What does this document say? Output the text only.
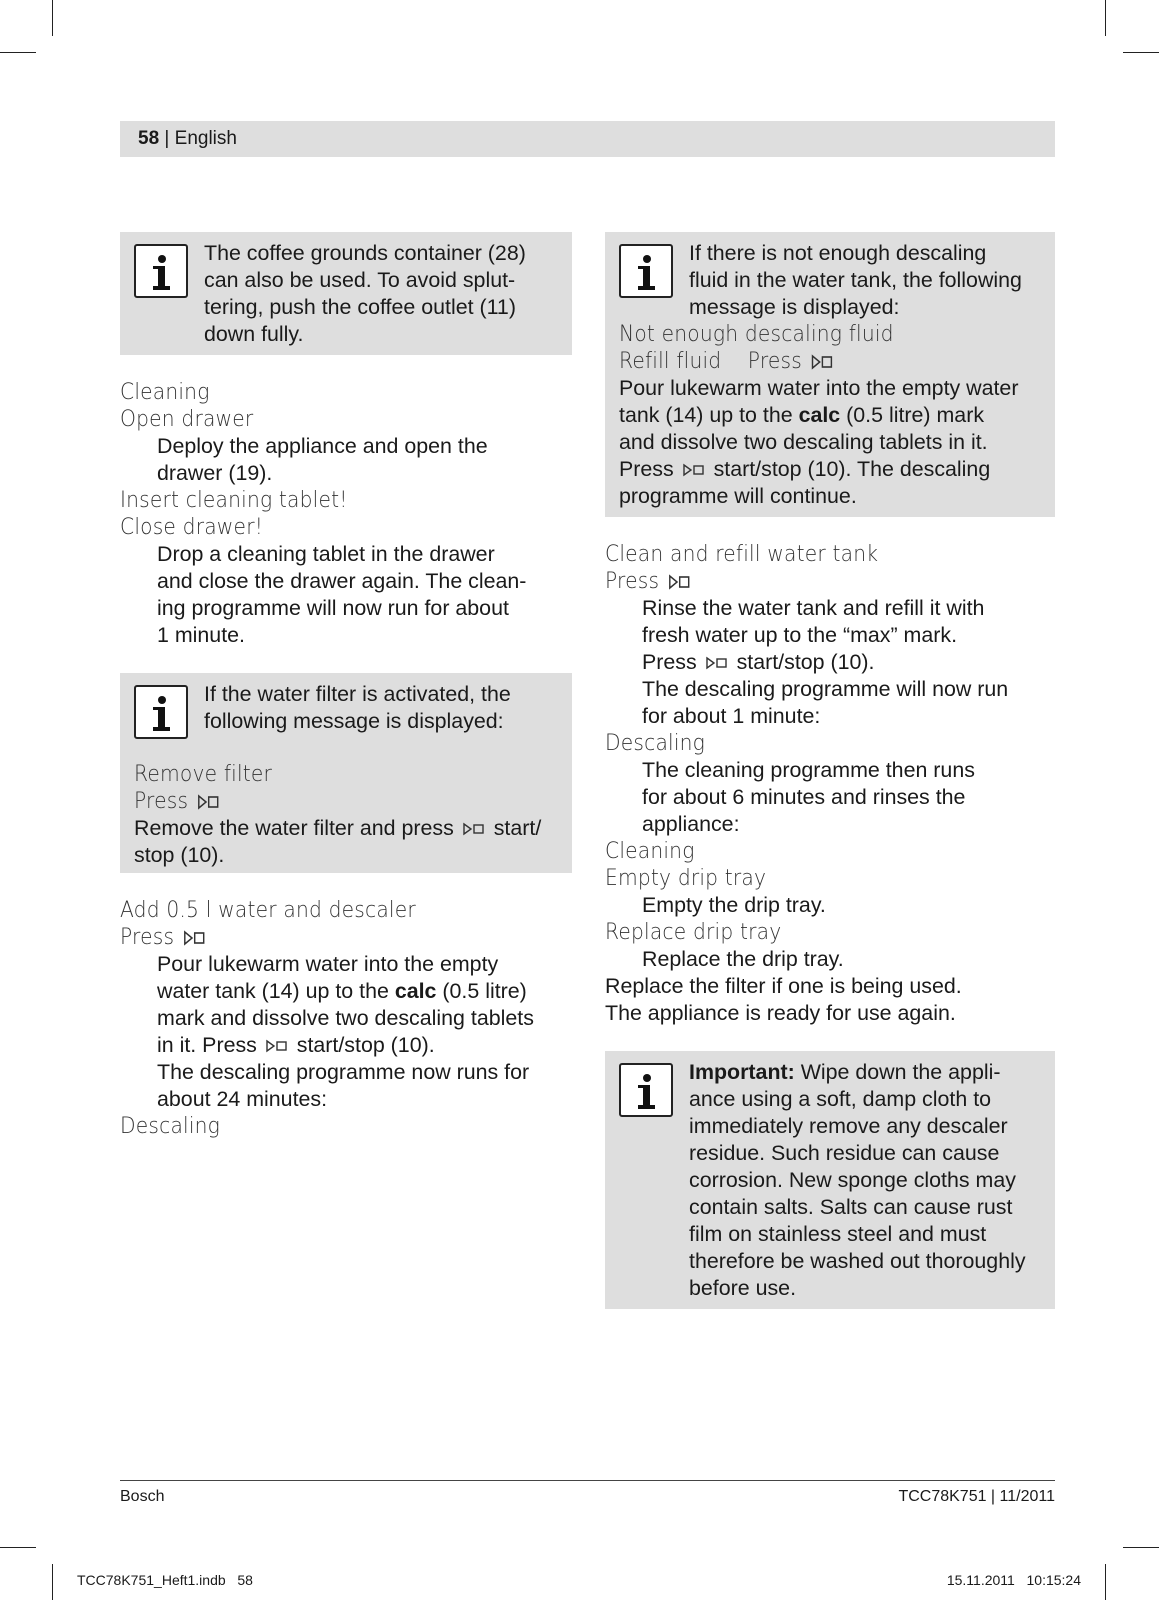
58 | English
The coffee grounds container (28)
can also be used. To avoid splut-
tering, push the coffee outlet (11)
down fully.
Cleaning
Open drawer
Deploy the appliance and open the
drawer (19).
Insert cleaning tablet!
Close drawer!
Drop a cleaning tablet in the drawer
and close the drawer again. The clean-
ing programme will now run for about
1 minute.
If the water filter is activated, the
following message is displayed:
Remove filter
Press
Remove the water filter and press
start/
stop (10).
Add 0.5 l water and descaler
Press
Pour lukewarm water into the empty
water tank (14) up to the calc (0.5 litre)
mark and dissolve two descaling tablets
in it. Press
start/stop (10).
The descaling programme now runs for
about 24 minutes:
Descaling
If there is not enough descaling
fluid in the water tank, the following
message is displayed:
Not enough descaling fluid
Refill fluid Press
Pour lukewarm water into the empty water
tank (14) up to the calc (0.5 litre) mark
and dissolve two descaling tablets in it.
Press
start/stop (10). The descaling
programme will continue.
Clean and refill water tank
Press
Rinse the water tank and refill it with
fresh water up to the “max” mark.
Press
start/stop (10).
The descaling programme will now run
for about 1 minute:
Descaling
The cleaning programme then runs
for about 6 minutes and rinses the
appliance:
Cleaning
Empty drip tray
Empty the drip tray.
Replace drip tray
Replace the drip tray.
Replace the filter if one is being used.
The appliance is ready for use again.
Important: Wipe down the appli-
ance using a soft, damp cloth to
immediately remove any descaler
residue. Such residue can cause
corrosion. New sponge cloths may
contain salts. Salts can cause rust
film on stainless steel and must
therefore be washed out thoroughly
before use.
Bosch	TCC78K751 | 11/2011
TCC78K751_Heft1.indb   58	15.11.2011   10:15:24
